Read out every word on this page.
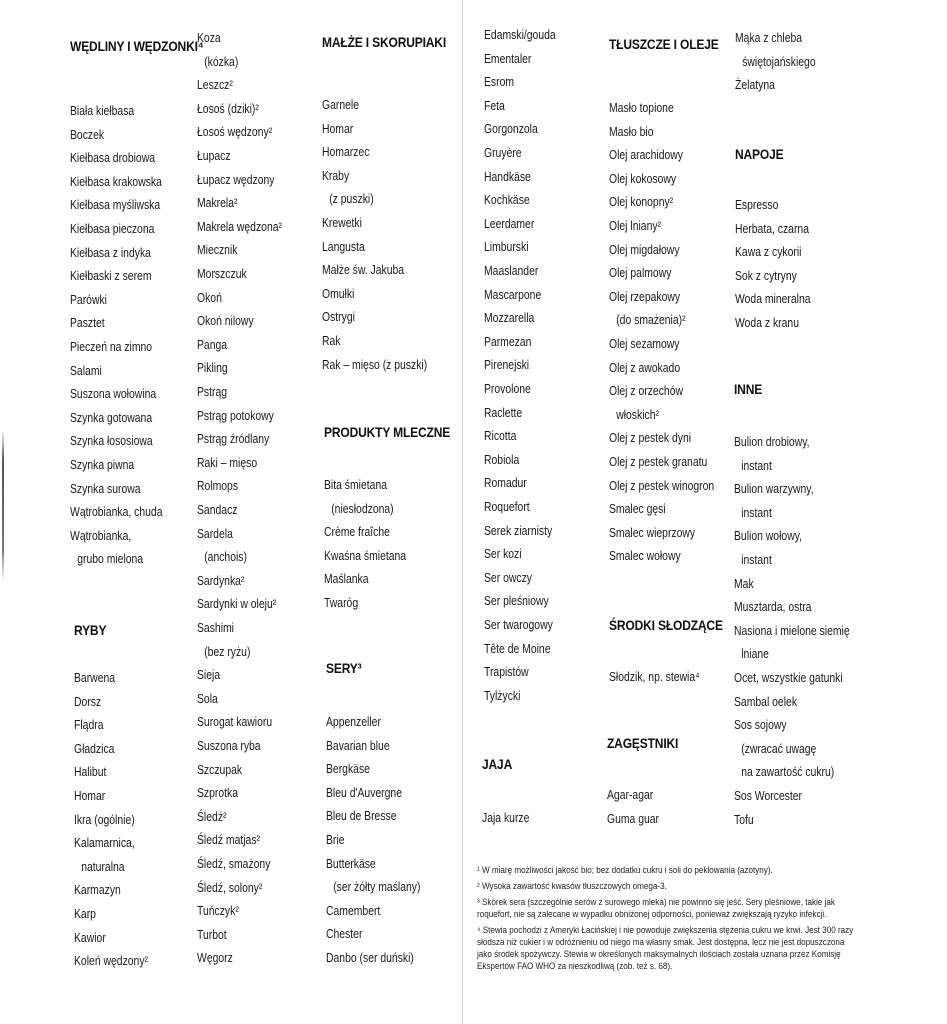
WĘDLINY I WĘDZONKI⁴
Biała kiełbasa
Boczek
Kiełbasa drobiowa
Kiełbasa krakowska
Kiełbasa myśliwska
Kiełbasa pieczona
Kiełbasa z indyka
Kiełbaski z serem
Parówki
Pasztet
Pieczeń na zimno
Salami
Suszona wołowina
Szynka gotowana
Szynka łososiowa
Szynka piwna
Szynka surowa
Wątrobianka, chuda
Wątrobianka,
grubo mielona
RYBY
Barwena
Dorsz
Flądra
Gładzica
Halibut
Homar
Ikra (ogólnie)
Kalamarnica,
naturalna
Karmazyn
Karp
Kawior
Koleń wędzony²
Koza
(kózka)
Leszcz²
Łosoś (dziki)²
Łosoś wędzony²
Łupacz
Łupacz wędzony
Makrela²
Makrela wędzona²
Miecznik
Morszczuk
Okoń
Okoń nilowy
Panga
Pikling
Pstrąg
Pstrąg potokowy
Pstrąg źródlany
Raki – mięso
Rolmops
Sandacz
Sardela
(anchois)
Sardynka²
Sardynki w oleju²
Sashimi
(bez ryżu)
Sieja
Sola
Surogat kawioru
Suszona ryba
Szczupak
Szprotka
Śledź²
Śledź matjas²
Śledź, smażony
Śledź, solony²
Tuńczyk²
Turbot
Węgorz
MAŁŻE I SKORUPIAKI
Garnele
Homar
Homarzec
Kraby
(z puszki)
Krewetki
Langusta
Małże św. Jakuba
Omułki
Ostrygi
Rak
Rak – mięso (z puszki)
PRODUKTY MLECZNE
Bita śmietana
(niesłodzona)
Crème fraîche
Kwaśna śmietana
Maślanka
Twaróg
SERY³
Appenzeller
Bavarian blue
Bergkäse
Bleu d'Auvergne
Bleu de Bresse
Brie
Butterkäse
(ser żółty maślany)
Camembert
Chester
Danbo (ser duński)
Edamski/gouda
Ementaler
Esrom
Feta
Gorgonzola
Gruyère
Handkäse
Kochkäse
Leerdamer
Limburski
Maaslander
Mascarpone
Mozzarella
Parmezan
Pirenejski
Provolone
Raclette
Ricotta
Robiola
Romadur
Roquefort
Serek ziarnisty
Ser kozi
Ser owczy
Ser pleśniowy
Ser twarogowy
Tête de Moine
Trapistów
Tylżycki
JAJA
Jaja kurze
TŁUSZCZE I OLEJE
Masło topione
Masło bio
Olej arachidowy
Olej kokosowy
Olej konopny²
Olej lniany²
Olej migdałowy
Olej palmowy
Olej rzepakowy
(do smażenia)²
Olej sezamowy
Olej z awokado
Olej z orzechów
włoskich²
Olej z pestek dyni
Olej z pestek granatu
Olej z pestek winogron
Smalec gęsi
Smalec wieprzowy
Smalec wołowy
ŚRODKI SŁODZĄCE
Słodzik, np. stewia⁴
ZAGĘSTNIKI
Agar-agar
Guma guar
Mąka z chleba
świętojańskiego
Żelatyna
NAPOJE
Espresso
Herbata, czarna
Kawa z cykorii
Sok z cytryny
Woda mineralna
Woda z kranu
INNE
Bulion drobiowy,
instant
Bulion warzywny,
instant
Bulion wołowy,
instant
Mak
Musztarda, ostra
Nasiona i mielone siemię
lniane
Ocet, wszystkie gatunki
Sambal oelek
Sos sojowy
(zwracać uwagę
na zawartość cukru)
Sos Worcester
Tofu

¹ W miarę możliwości jakość bio; bez dodatku cukru i soli do peklowania (azotyny).

² Wysoka zawartość kwasów tłuszczowych omega-3.

³ Skórek sera (szczególnie serów z surowego mleka) nie powinno się jeść. Sery pleśniowe, takie jak roquefort, nie są zalecane w wypadku obniżonej odporności, ponieważ zwiększają ryzyko infekcji.

⁴ Stewia pochodzi z Ameryki Łacińskiej i nie powoduje zwiększenia stężenia cukru we krwi. Jest 300 razy słodsza niż cukier i w odróżnieniu od niego ma własny smak. Jest dostępna, lecz nie jest dopuszczona jako środek spożywczy. Stewia w określonych maksymalnych ilościach została uznana przez Komisję Ekspertów FAO WHO za nieszkodliwą (zob. też s. 68).
